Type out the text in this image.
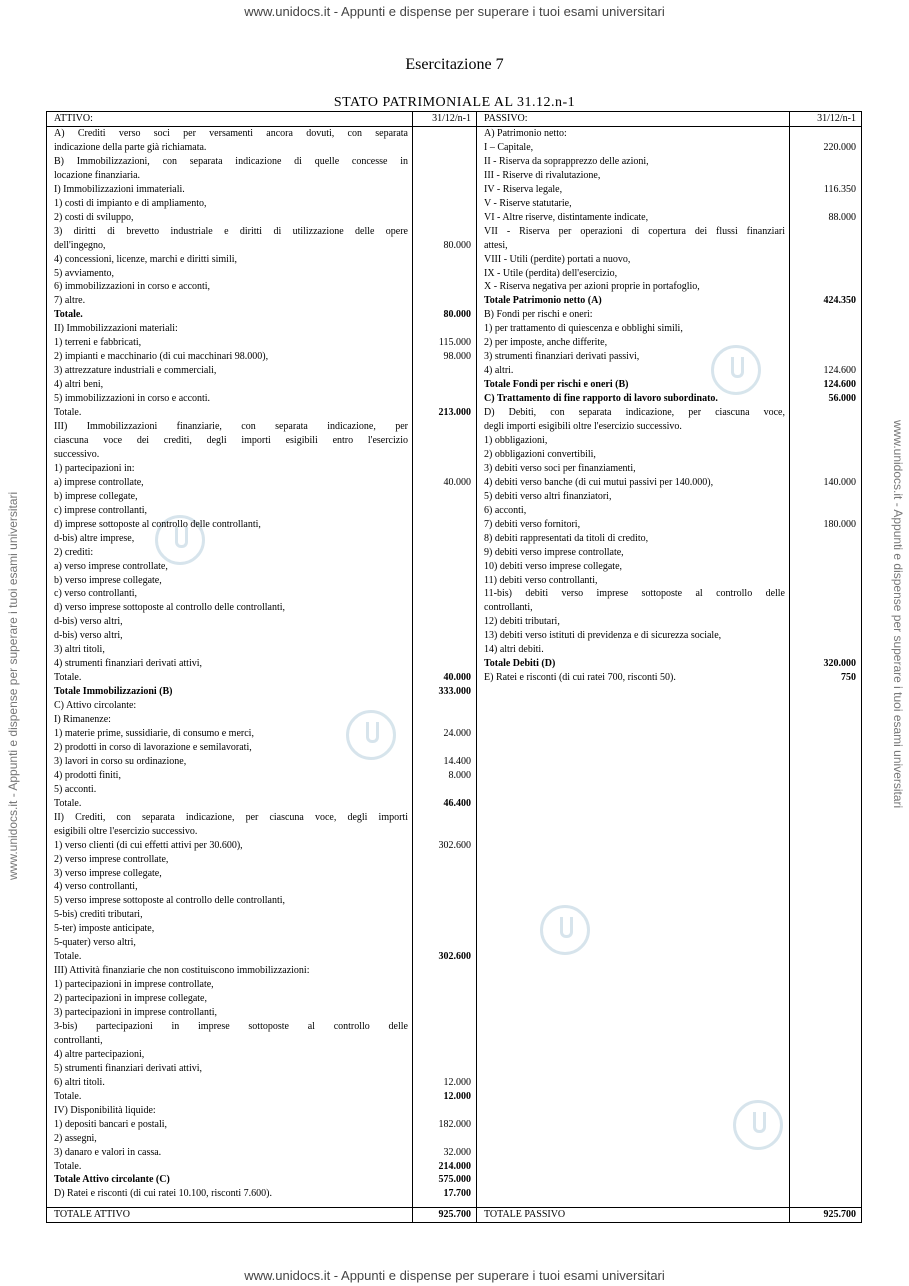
www.unidocs.it - Appunti e dispense per superare i tuoi esami universitari
www.unidocs.it - Appunti e dispense per superare i tuoi esami universitari	www.unidocs.it - Appunti e dispense per superare i tuoi esami universitari
www.unidocs.it - Appunti e dispense per superare i tuoi esami universitari
Esercitazione 7
STATO PATRIMONIALE AL 31.12.n-1
ATTIVO:
A) Crediti verso soci per versamenti ancora dovuti, con separata
indicazione della parte già richiamata.
B) Immobilizzazioni, con separata indicazione di quelle concesse in
locazione finanziaria.
I) Immobilizzazioni immateriali.
1) costi di impianto e di ampliamento,
2) costi di sviluppo,
3) diritti di brevetto industriale e diritti di utilizzazione delle opere
dell'ingegno,
4) concessioni, licenze, marchi e diritti simili,
5) avviamento,
6) immobilizzazioni in corso e acconti,
7) altre.
Totale.
II) Immobilizzazioni materiali:
1) terreni e fabbricati,
2) impianti e macchinario (di cui macchinari 98.000),
3) attrezzature industriali e commerciali,
4) altri beni,
5) immobilizzazioni in corso e acconti.
Totale.
III) Immobilizzazioni finanziarie, con separata indicazione, per
ciascuna voce dei crediti, degli importi esigibili entro l'esercizio
successivo.
1) partecipazioni in:
a) imprese controllate,
b) imprese collegate,
c) imprese controllanti,
d) imprese sottoposte al controllo delle controllanti,
d-bis) altre imprese,
2) crediti:
a) verso imprese controllate,
b) verso imprese collegate,
c) verso controllanti,
d) verso imprese sottoposte al controllo delle controllanti,
d-bis) verso altri,
d-bis) verso altri,
3) altri titoli,
4) strumenti finanziari derivati attivi,
Totale.
Totale Immobilizzazioni (B)
C) Attivo circolante:
I) Rimanenze:
1) materie prime, sussidiarie, di consumo e merci,
2) prodotti in corso di lavorazione e semilavorati,
3) lavori in corso su ordinazione,
4) prodotti finiti,
5) acconti.
Totale.
II) Crediti, con separata indicazione, per ciascuna voce, degli importi
esigibili oltre l'esercizio successivo.
1) verso clienti (di cui effetti attivi per 30.600),
2) verso imprese controllate,
3) verso imprese collegate,
4) verso controllanti,
5) verso imprese sottoposte al controllo delle controllanti,
5-bis) crediti tributari,
5-ter) imposte anticipate,
5-quater) verso altri,
Totale.
III) Attività finanziarie che non costituiscono immobilizzazioni:
1) partecipazioni in imprese controllate,
2) partecipazioni in imprese collegate,
3) partecipazioni in imprese controllanti,
3-bis) partecipazioni in imprese sottoposte al controllo delle
controllanti,
4) altre partecipazioni,
5) strumenti finanziari derivati attivi,
6) altri titoli.
Totale.
IV) Disponibilità liquide:
1) depositi bancari e postali,
2) assegni,
3) danaro e valori in cassa.
Totale.
Totale Attivo circolante (C)
D) Ratei e risconti (di cui ratei 10.100, risconti 7.600).
TOTALE ATTIVO
31/12/n-1

80.000

80.000

115.000
98.000

213.000

40.000

40.000
333.000

24.000

14.400
8.000

46.400

302.600

302.600

12.000
12.000

182.000

32.000
214.000
575.000
17.700
925.700
PASSIVO:
A) Patrimonio netto:
I – Capitale,
II - Riserva da soprapprezzo delle azioni,
III - Riserve di rivalutazione,
IV - Riserva legale,
V - Riserve statutarie,
VI - Altre riserve, distintamente indicate,
VII - Riserva per operazioni di copertura dei flussi finanziari
attesi,
VIII - Utili (perdite) portati a nuovo,
IX - Utile (perdita) dell'esercizio,
X - Riserva negativa per azioni proprie in portafoglio,
Totale Patrimonio netto (A)
B) Fondi per rischi e oneri:
1) per trattamento di quiescenza e obblighi simili,
2) per imposte, anche differite,
3) strumenti finanziari derivati passivi,
4) altri.
Totale Fondi per rischi e oneri (B)
C) Trattamento di fine rapporto di lavoro subordinato.
D) Debiti, con separata indicazione, per ciascuna voce,
degli importi esigibili oltre l'esercizio successivo.
1) obbligazioni,
2) obbligazioni convertibili,
3) debiti verso soci per finanziamenti,
4) debiti verso banche (di cui mutui passivi per 140.000),
5) debiti verso altri finanziatori,
6) acconti,
7) debiti verso fornitori,
8) debiti rappresentati da titoli di credito,
9) debiti verso imprese controllate,
10) debiti verso imprese collegate,
11) debiti verso controllanti,
11-bis) debiti verso imprese sottoposte al controllo delle
controllanti,
12) debiti tributari,
13) debiti verso istituti di previdenza e di sicurezza sociale,
14) altri debiti.
Totale Debiti (D)
E) Ratei e risconti (di cui ratei 700, risconti 50).
TOTALE PASSIVO
31/12/n-1

220.000

116.350

88.000

424.350

124.600
124.600
56.000

140.000

180.000

320.000
750
925.700
